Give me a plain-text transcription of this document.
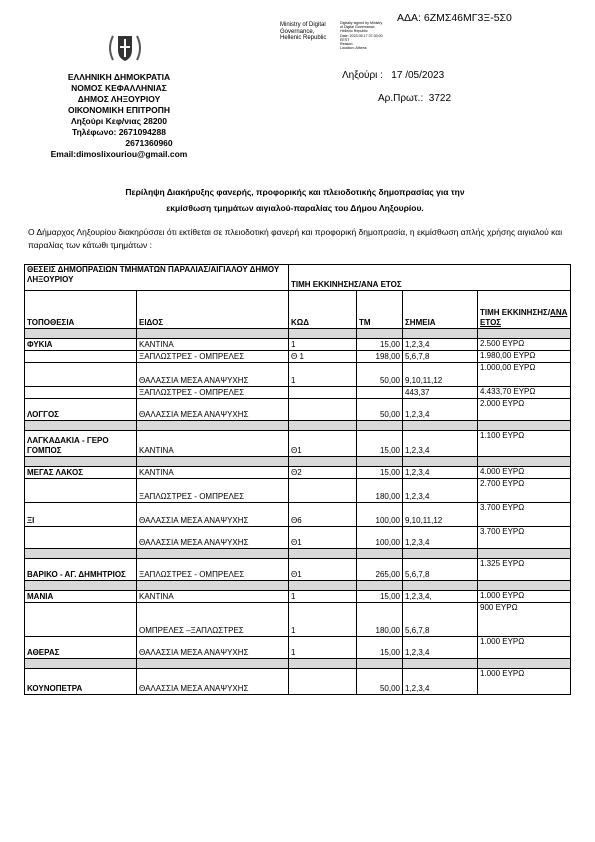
ΑΔΑ: 6ΖΜΣ46ΜΓ3Ξ-5Σ0
Ministry of Digital
Governance,
Hellenic Republic
Digitally signed by Ministry
of Digital Governance,
Hellenic Republic
Date: 2023.05.17 07:30:00
EEST
Reason:
Location: Athens
ΕΛΛΗΝΙΚΗ ΔΗΜΟΚΡΑΤΙΑ
ΝΟΜΟΣ ΚΕΦΑΛΛΗΝΙΑΣ
ΔΗΜΟΣ ΛΗΞΟΥΡΙΟΥ
ΟΙΚΟΝΟΜΙΚΗ ΕΠΙΤΡΟΠΗ
Ληξούρι Κεφ/νιας 28200
Τηλέφωνο: 2671094288
2671360960
Email:dimoslixouriou@gmail.com
Ληξούρι : 17 /05/2023
Αρ.Πρωτ.: 3722
Περίληψη Διακήρυξης φανερής, προφορικής και πλειοδοτικής δημοπρασίας για την
εκμίσθωση τμημάτων αιγιαλού-παραλίας του Δήμου Ληξουρίου.
Ο Δήμαρχος Ληξουρίου διακηρύσσει ότι εκτίθεται σε πλειοδοτική φανερή και προφορική δημοπρασία, η εκμίσθωση απλής χρήσης αιγιαλού και παραλίας των κάτωθι τμημάτων :
ΘΕΣΕΙΣ ΔΗΜΟΠΡΑΣΙΩΝ ΤΜΗΜΑΤΩΝ ΠΑΡΑΛΙΑΣ/ΑΙΓΙΑΛΟΥ ΔΗΜΟΥ ΛΗΞΟΥΡΙΟΥ		ΤΙΜΗ ΕΚΚΙΝΗΣΗΣ/ΑΝΑ ΕΤΟΣ			
ΤΟΠΟΘΕΣΙΑ	ΕΙΔΟΣ	ΚΩΔ	ΤΜ	ΣΗΜΕΙΑ	ΤΙΜΗ ΕΚΚΙΝΗΣΗΣ/ΑΝΑ
ΕΤΟΣ

ΦΥΚΙΑ	ΚΑΝΤΙΝΑ	1	15,00	1,2,3,4	2.500 ΕΥΡΩ
	ΞΑΠΛΩΣΤΡΕΣ - ΟΜΠΡΕΛΕΣ	Θ 1	198,00	5,6,7,8	1.980,00 ΕΥΡΩ
	ΘΑΛΑΣΣΙΑ ΜΕΣΑ ΑΝΑΨΥΧΗΣ	1	50,00	9,10,11,12	1.000,00 ΕΥΡΩ
	ΞΑΠΛΩΣΤΡΕΣ - ΟΜΠΡΕΛΕΣ			443,37	4.433,70 ΕΥΡΩ
ΛΟΓΓΟΣ	ΘΑΛΑΣΣΙΑ ΜΕΣΑ ΑΝΑΨΥΧΗΣ		50,00	1,2,3,4	2.000 ΕΥΡΩ

ΛΑΓΚΑΔΑΚΙΑ - ΓΕΡΟ ΓΟΜΠΟΣ	ΚΑΝΤΙΝΑ	Θ1	15,00	1,2,3,4	1.100 ΕΥΡΩ

ΜΕΓΑΣ ΛΑΚΟΣ	ΚΑΝΤΙΝΑ	Θ2	15,00	1,2,3,4	4.000 ΕΥΡΩ
	ΞΑΠΛΩΣΤΡΕΣ - ΟΜΠΡΕΛΕΣ		180,00	1,2,3,4	2.700 ΕΥΡΩ
ΞΙ	ΘΑΛΑΣΣΙΑ ΜΕΣΑ ΑΝΑΨΥΧΗΣ	Θ6	100,00	9,10,11,12	3.700 ΕΥΡΩ
	ΘΑΛΑΣΣΙΑ ΜΕΣΑ ΑΝΑΨΥΧΗΣ	Θ1	100,00	1,2,3,4	3.700 ΕΥΡΩ

ΒΑΡΙΚΟ - ΑΓ. ΔΗΜΗΤΡΙΟΣ	ΞΑΠΛΩΣΤΡΕΣ - ΟΜΠΡΕΛΕΣ	Θ1	265,00	5,6,7,8	1.325 ΕΥΡΩ

ΜΑΝΙΑ	ΚΑΝΤΙΝΑ	1	15,00	1,2,3,4,	1.000 ΕΥΡΩ
	ΟΜΠΡΕΛΕΣ –ΞΑΠΛΩΣΤΡΕΣ	1	180,00	5,6,7,8	900 ΕΥΡΩ
ΑΘΕΡΑΣ	ΘΑΛΑΣΣΙΑ ΜΕΣΑ ΑΝΑΨΥΧΗΣ	1	15,00	1,2,3,4	1.000 ΕΥΡΩ

ΚΟΥΝΟΠΕΤΡΑ	ΘΑΛΑΣΣΙΑ ΜΕΣΑ ΑΝΑΨΥΧΗΣ		50,00	1,2,3,4	1.000 ΕΥΡΩ
